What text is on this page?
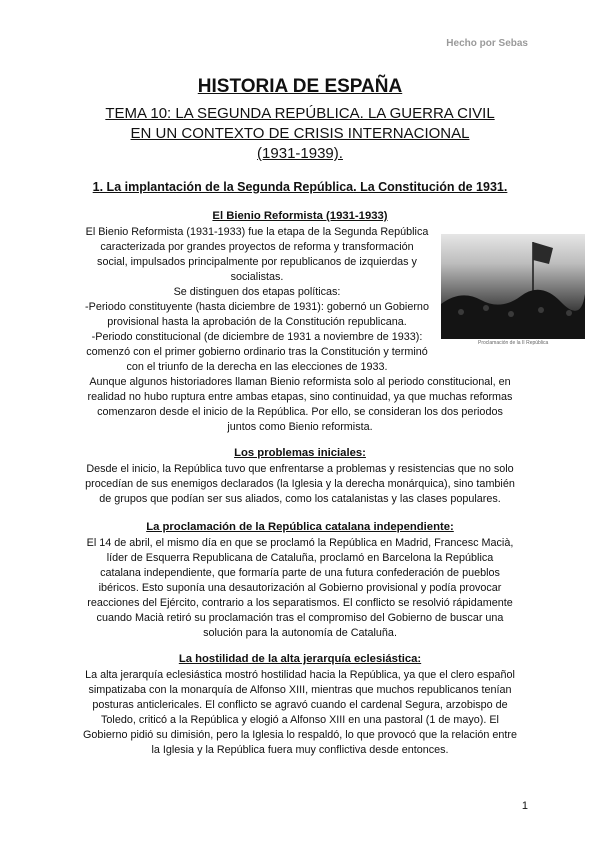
Hecho por Sebas
HISTORIA DE ESPAÑA
TEMA 10: LA SEGUNDA REPÚBLICA. LA GUERRA CIVIL
EN UN CONTEXTO DE CRISIS INTERNACIONAL
(1931-1939).
1. La implantación de la Segunda República. La Constitución de 1931.
El Bienio Reformista (1931-1933)
El Bienio Reformista (1931-1933) fue la etapa de la Segunda República
caracterizada por grandes proyectos de reforma y transformación
social, impulsados principalmente por republicanos de izquierdas y
socialistas.
Se distinguen dos etapas políticas:
-Periodo constituyente (hasta diciembre de 1931): gobernó un Gobierno
provisional hasta la aprobación de la Constitución republicana.
-Periodo constitucional (de diciembre de 1931 a noviembre de 1933):
comenzó con el primer gobierno ordinario tras la Constitución y terminó
con el triunfo de la derecha en las elecciones de 1933.
Aunque algunos historiadores llaman Bienio reformista solo al periodo constitucional, en
realidad no hubo ruptura entre ambas etapas, sino continuidad, ya que muchas reformas
comenzaron desde el inicio de la República. Por ello, se consideran los dos periodos
juntos como Bienio reformista.
Proclamación de la II República
Los problemas iniciales:
Desde el inicio, la República tuvo que enfrentarse a problemas y resistencias que no solo
procedían de sus enemigos declarados (la Iglesia y la derecha monárquica), sino también
de grupos que podían ser sus aliados, como los catalanistas y las clases populares.
La proclamación de la República catalana independiente:
El 14 de abril, el mismo día en que se proclamó la República en Madrid, Francesc Macià,
líder de Esquerra Republicana de Cataluña, proclamó en Barcelona la República
catalana independiente, que formaría parte de una futura confederación de pueblos
ibéricos. Esto suponía una desautorización al Gobierno provisional y podía provocar
reacciones del Ejército, contrario a los separatismos. El conflicto se resolvió rápidamente
cuando Macià retiró su proclamación tras el compromiso del Gobierno de buscar una
solución para la autonomía de Cataluña.
La hostilidad de la alta jerarquía eclesiástica:
La alta jerarquía eclesiástica mostró hostilidad hacia la República, ya que el clero español
simpatizaba con la monarquía de Alfonso XIII, mientras que muchos republicanos tenían
posturas anticlericales. El conflicto se agravó cuando el cardenal Segura, arzobispo de
Toledo, criticó a la República y elogió a Alfonso XIII en una pastoral (1 de mayo). El
Gobierno pidió su dimisión, pero la Iglesia lo respaldó, lo que provocó que la relación entre
la Iglesia y la República fuera muy conflictiva desde entonces.
1
